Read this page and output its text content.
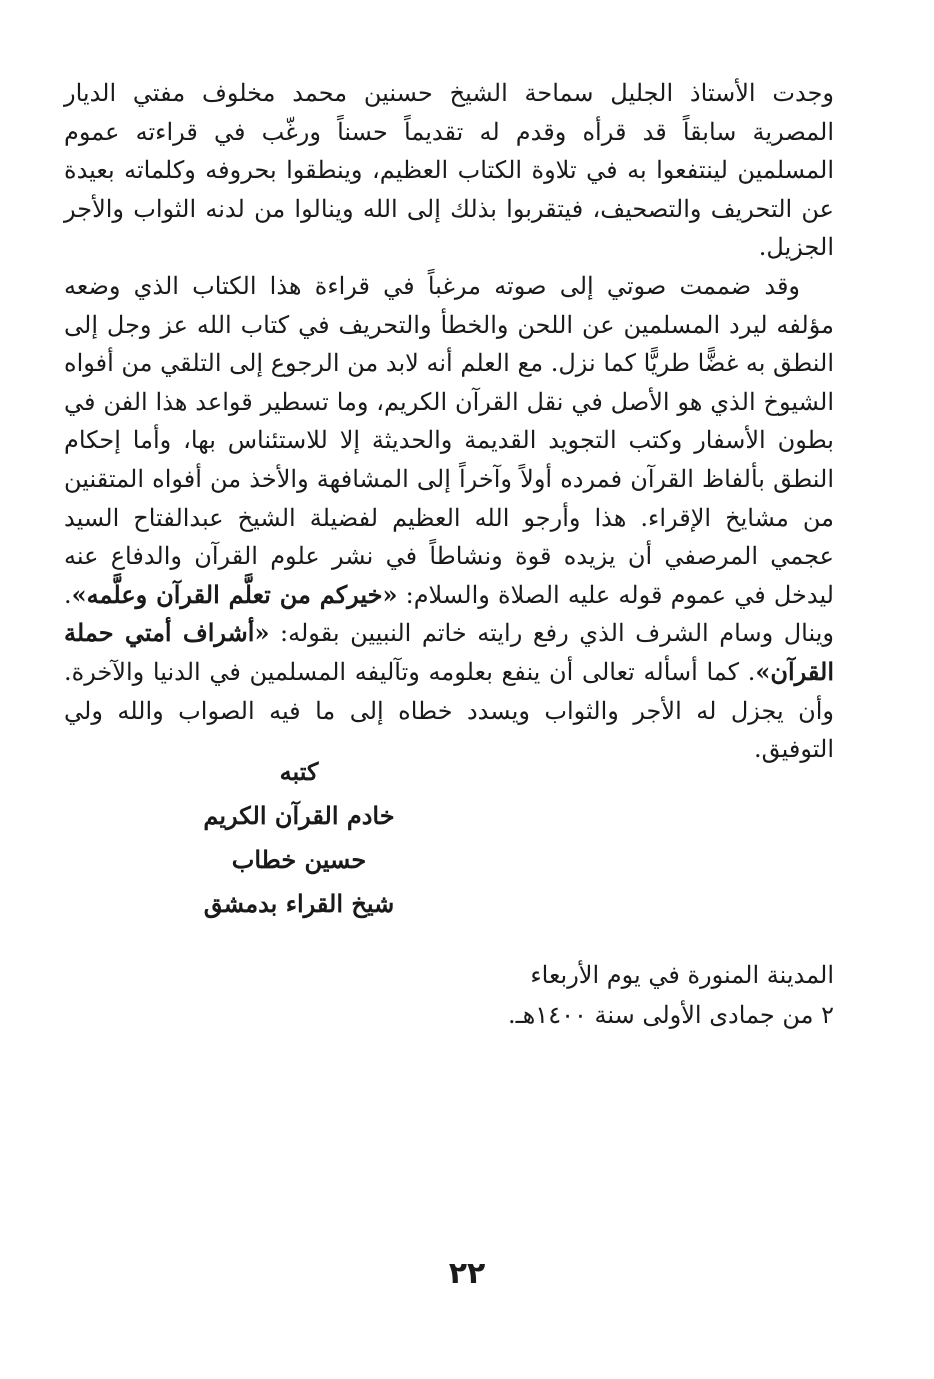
وجدت الأستاذ الجليل سماحة الشيخ حسنين محمد مخلوف مفتي الديار المصرية سابقاً قد قرأه وقدم له تقديماً حسناً ورغّب في قراءته عموم المسلمين لينتفعوا به في تلاوة الكتاب العظيم، وينطقوا بحروفه وكلماته بعيدة عن التحريف والتصحيف، فيتقربوا بذلك إلى الله وينالوا من لدنه الثواب والأجر الجزيل.

وقد ضممت صوتي إلى صوته مرغباً في قراءة هذا الكتاب الذي وضعه مؤلفه ليرد المسلمين عن اللحن والخطأ والتحريف في كتاب الله عز وجل إلى النطق به غضًّا طريًّا كما نزل. مع العلم أنه لابد من الرجوع إلى التلقي من أفواه الشيوخ الذي هو الأصل في نقل القرآن الكريم، وما تسطير قواعد هذا الفن في بطون الأسفار وكتب التجويد القديمة والحديثة إلا للاستئناس بها، وأما إحكام النطق بألفاظ القرآن فمرده أولاً وآخراً إلى المشافهة والأخذ من أفواه المتقنين من مشايخ الإقراء. هذا وأرجو الله العظيم لفضيلة الشيخ عبدالفتاح السيد عجمي المرصفي أن يزيده قوة ونشاطاً في نشر علوم القرآن والدفاع عنه ليدخل في عموم قوله عليه الصلاة والسلام: «خيركم من تعلَّم القرآن وعلَّمه». وينال وسام الشرف الذي رفع رايته خاتم النبيين بقوله: «أشراف أمتي حملة القرآن». كما أسأله تعالى أن ينفع بعلومه وتآليفه المسلمين في الدنيا والآخرة. وأن يجزل له الأجر والثواب ويسدد خطاه إلى ما فيه الصواب والله ولي التوفيق.

كتبه
خادم القرآن الكريم
حسين خطاب
شيخ القراء بدمشق
المدينة المنورة في يوم الأربعاء
٢ من جمادى الأولى سنة ١٤٠٠هـ.
٢٢
